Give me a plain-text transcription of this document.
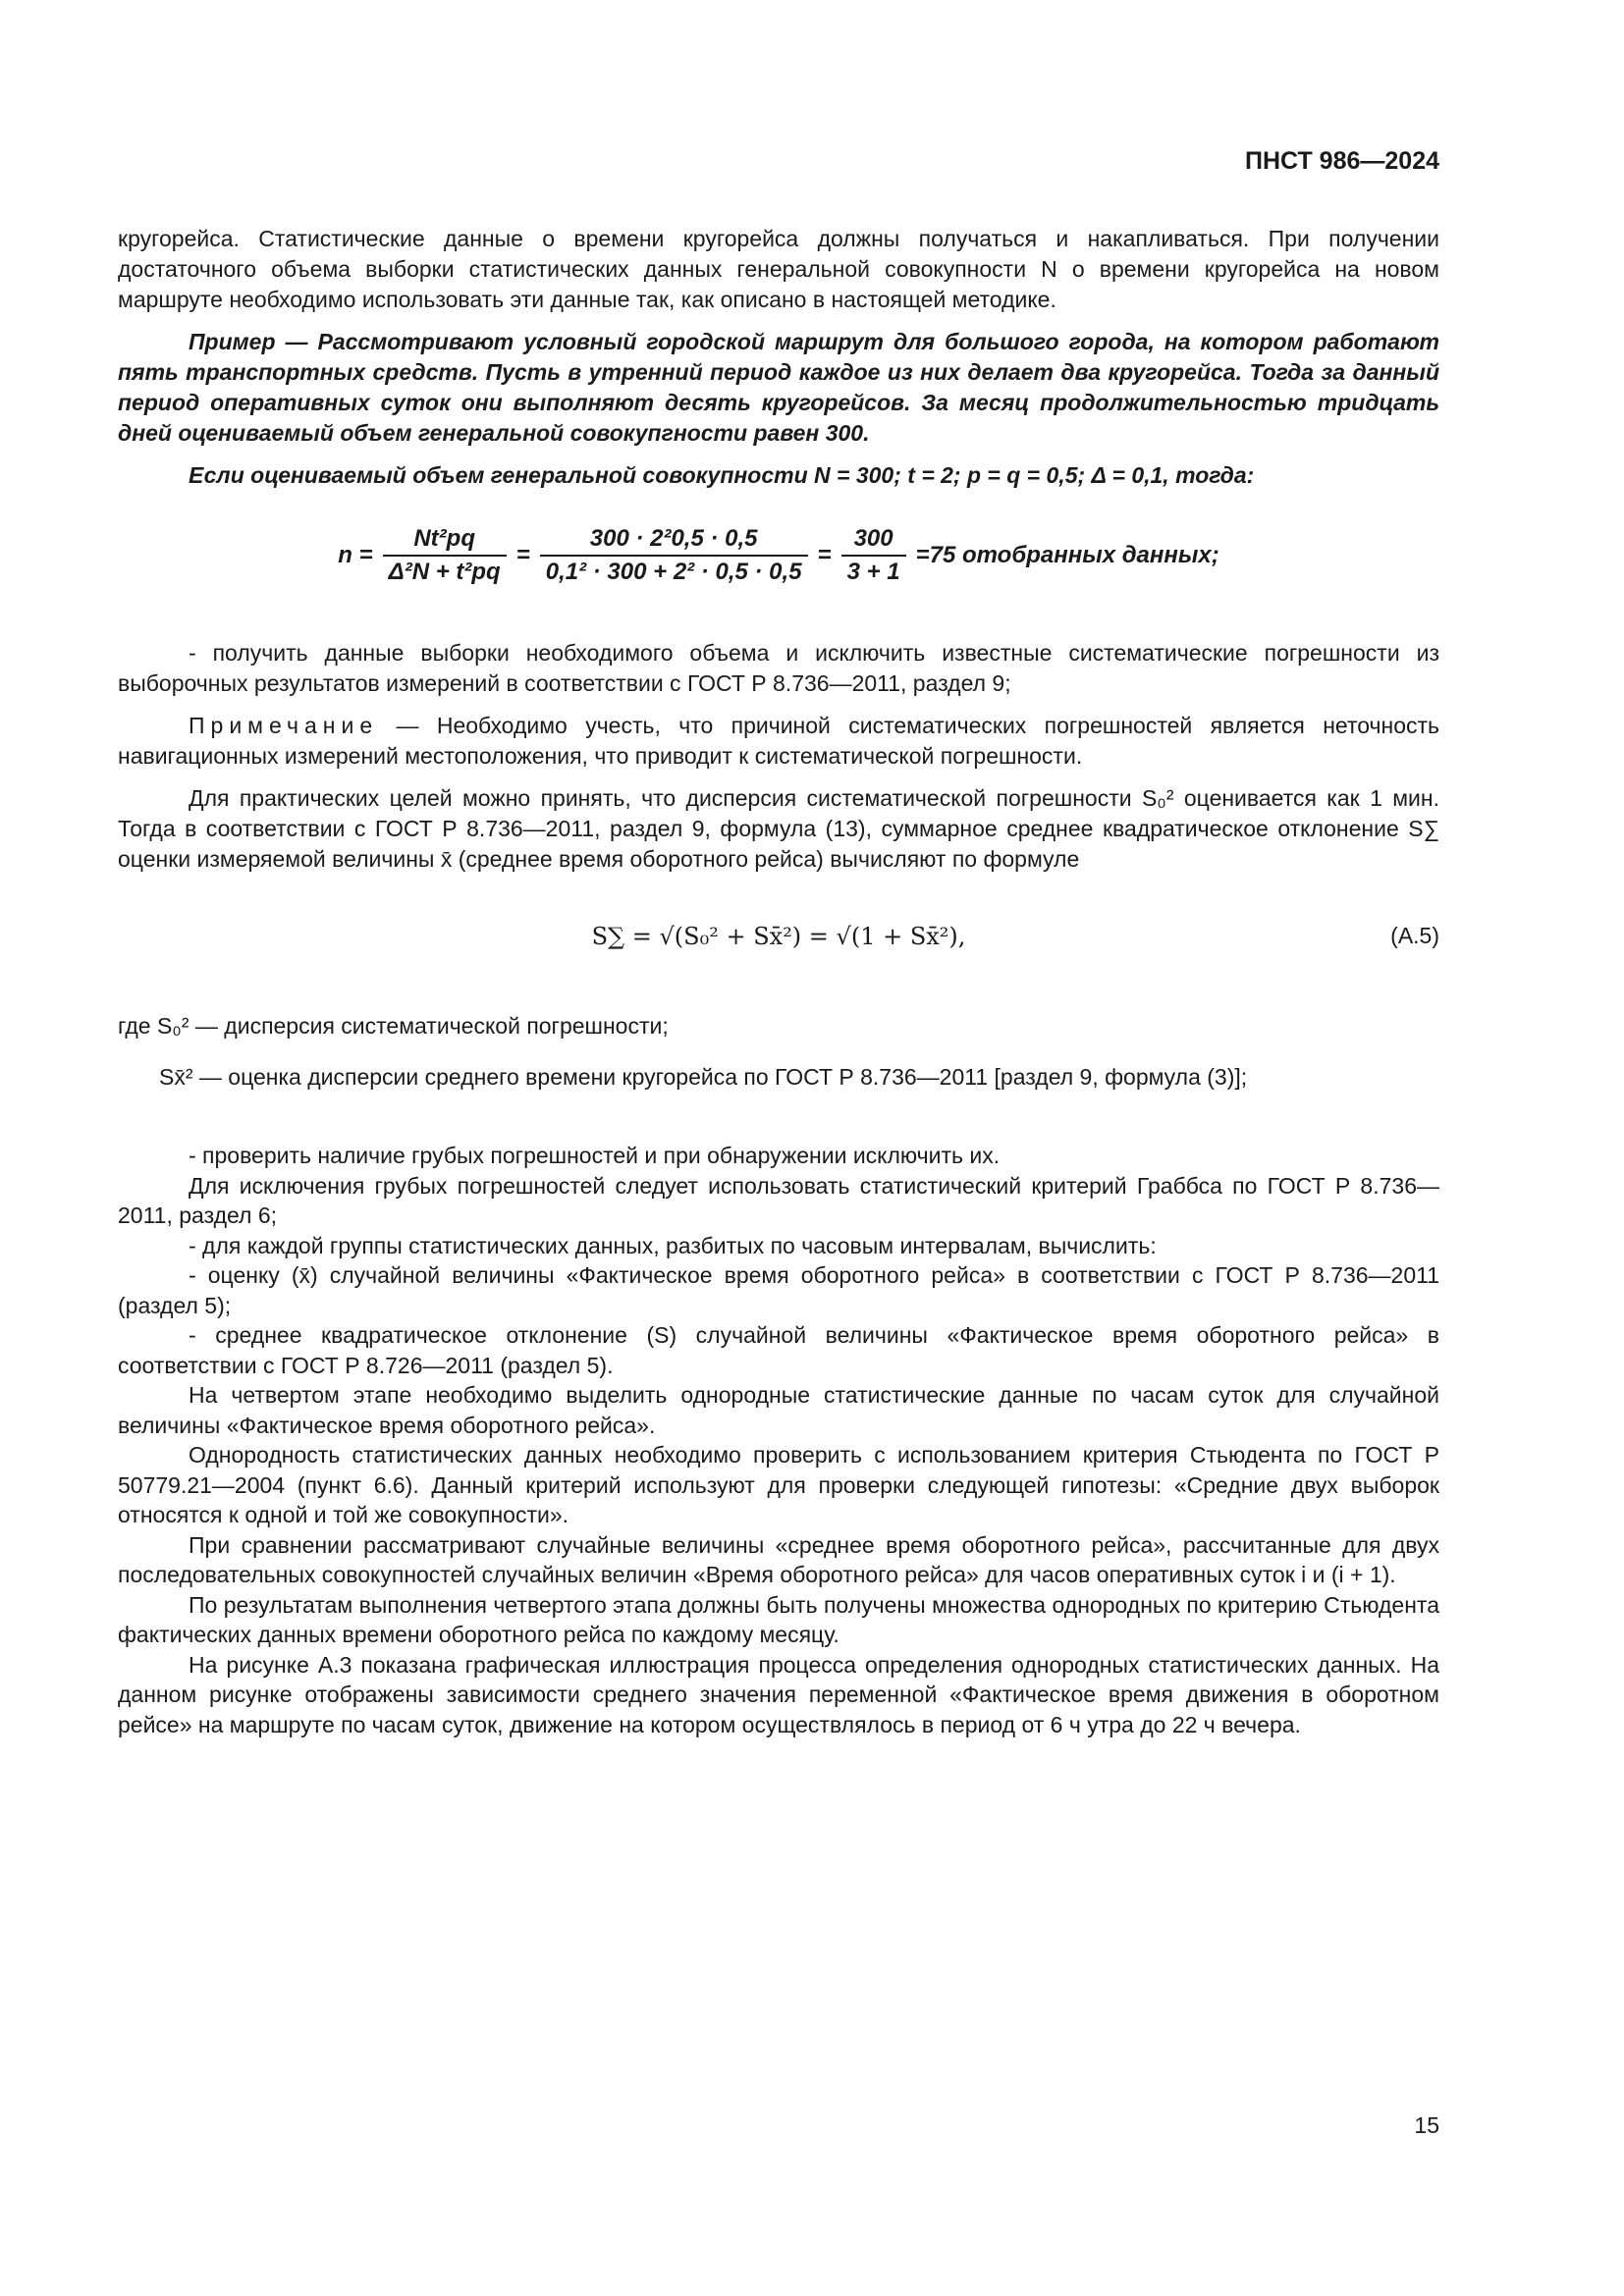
ПНСТ 986—2024

кругорейса. Статистические данные о времени кругорейса должны получаться и накапливаться. При получении достаточного объема выборки статистических данных генеральной совокупности N о времени кругорейса на новом маршруте необходимо использовать эти данные так, как описано в настоящей методике.

Пример — Рассмотривают условный городской маршрут для большого города, на котором работают пять транспортных средств. Пусть в утренний период каждое из них делает два кругорейса. Тогда за данный период оперативных суток они выполняют десять кругорейсов. За месяц продолжительностью тридцать дней оцениваемый объем генеральной совокупгности равен 300.

Если оцениваемый объем генеральной совокупности N = 300; t = 2; p = q = 0,5; Δ = 0,1, тогда:

$n = \frac{\text{Nt²pq}}{\text{Δ²N + t²pq}} = \frac{\text{300 · 2²0,5 · 0,5}}{\text{0,1² · 300 + 2² · 0,5 · 0,5}} = \frac{300}{3 + 1} =75$ отобранных данных;

- получить данные выборки необходимого объема и исключить известные систематические погрешности из выборочных результатов измерений в соответствии с ГОСТ Р 8.736—2011, раздел 9;

Примечание — Необходимо учесть, что причиной систематических погрешностей является неточность навигационных измерений местоположения, что приводит к систематической погрешности.

Для практических целей можно принять, что дисперсия систематической погрешности S₀² оценивается как 1 мин. Тогда в соответствии с ГОСТ Р 8.736—2011, раздел 9, формула (13), суммарное среднее квадратическое отклонение S∑ оценки измеряемой величины x̄ (среднее время оборотного рейса) вычисляют по формуле

S∑ = √(S₀² + Sx̄²) = √(1 + Sx̄²),	(А.5)
где S₀² — дисперсия систематической погрешности;
Sx̄² — оценка дисперсии среднего времени кругорейса по ГОСТ Р 8.736—2011 [раздел 9, формула (3)];

- проверить наличие грубых погрешностей и при обнаружении исключить их.

Для исключения грубых погрешностей следует использовать статистический критерий Граббса по ГОСТ Р 8.736—2011, раздел 6;

- для каждой группы статистических данных, разбитых по часовым интервалам, вычислить:

- оценку (x̄) случайной величины «Фактическое время оборотного рейса» в соответствии с ГОСТ Р 8.736—2011 (раздел 5);

- среднее квадратическое отклонение (S) случайной величины «Фактическое время оборотного рейса» в соответствии с ГОСТ Р 8.726—2011 (раздел 5).

На четвертом этапе необходимо выделить однородные статистические данные по часам суток для случайной величины «Фактическое время оборотного рейса».

Однородность статистических данных необходимо проверить с использованием критерия Стьюдента по ГОСТ Р 50779.21—2004 (пункт 6.6). Данный критерий используют для проверки следующей гипотезы: «Средние двух выборок относятся к одной и той же совокупности».

При сравнении рассматривают случайные величины «среднее время оборотного рейса», рассчитанные для двух последовательных совокупностей случайных величин «Время оборотного рейса» для часов оперативных суток i и (i + 1).

По результатам выполнения четвертого этапа должны быть получены множества однородных по критерию Стьюдента фактических данных времени оборотного рейса по каждому месяцу.

На рисунке А.3 показана графическая иллюстрация процесса определения однородных статистических данных. На данном рисунке отображены зависимости среднего значения переменной «Фактическое время движения в оборотном рейсе» на маршруте по часам суток, движение на котором осуществлялось в период от 6 ч утра до 22 ч вечера.

15
